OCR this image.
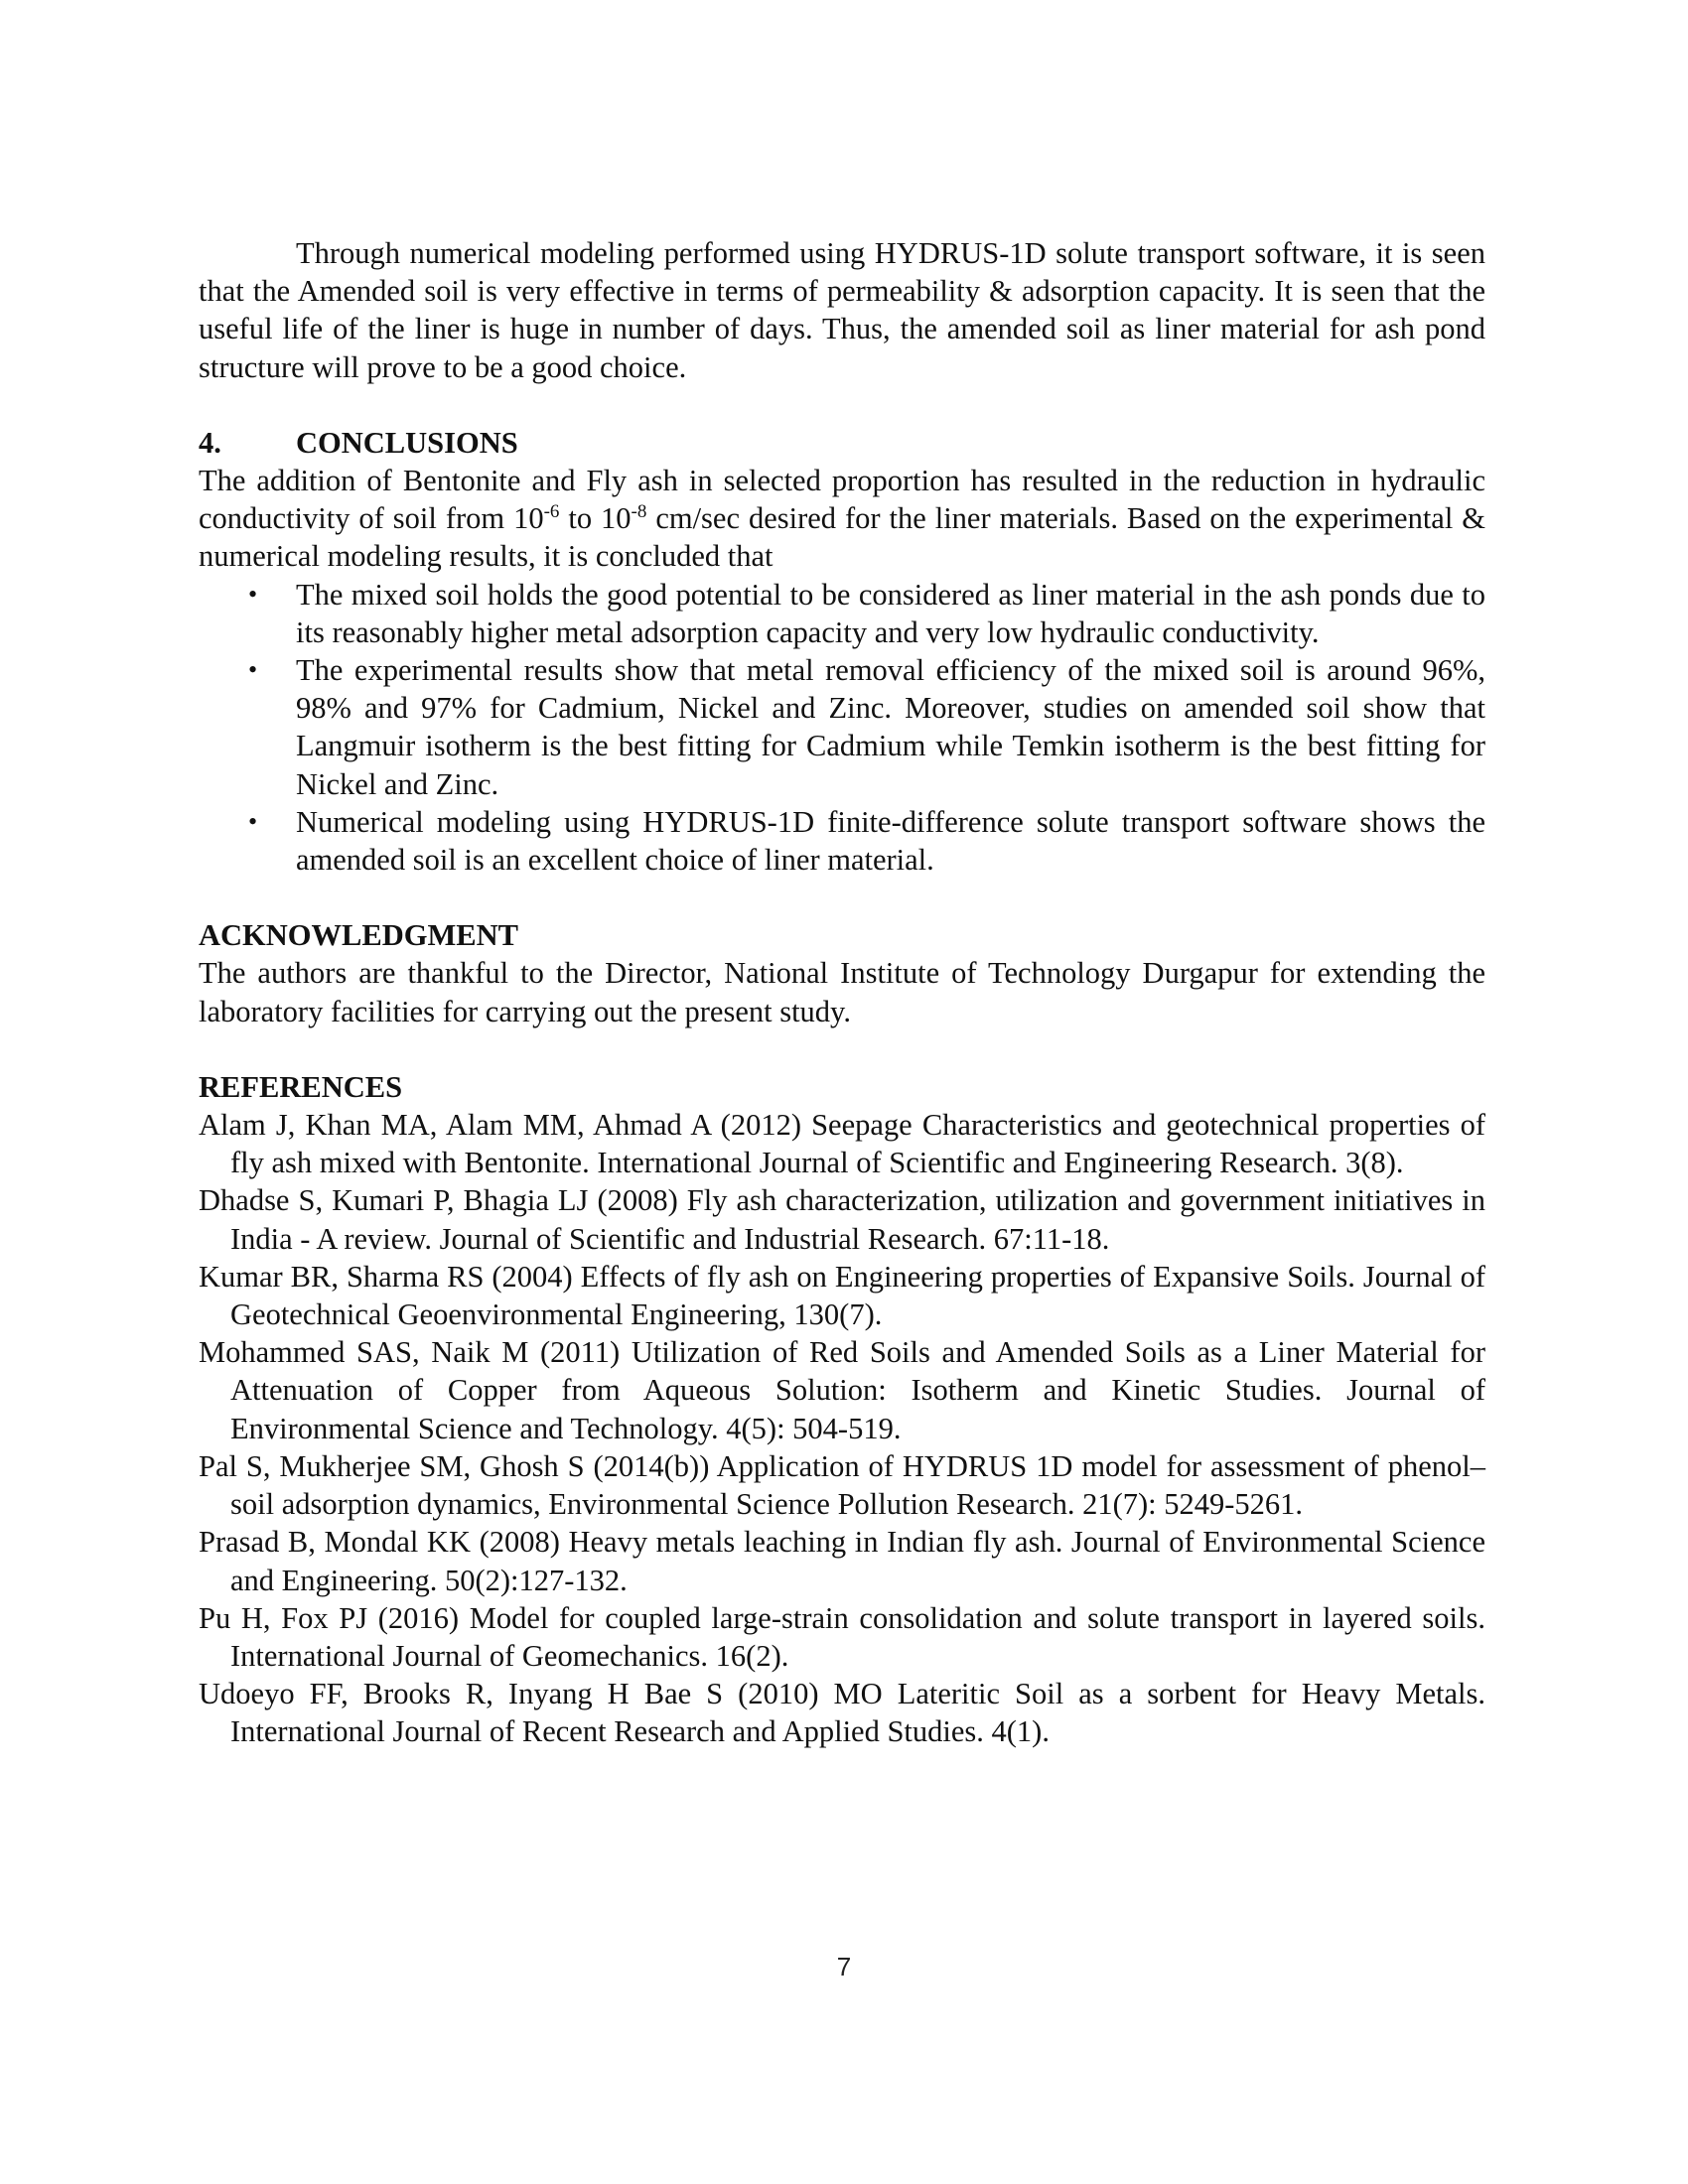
Through numerical modeling performed using HYDRUS-1D solute transport software, it is seen that the Amended soil is very effective in terms of permeability & adsorption capacity. It is seen that the useful life of the liner is huge in number of days. Thus, the amended soil as liner material for ash pond structure will prove to be a good choice.

4. CONCLUSIONS

The addition of Bentonite and Fly ash in selected proportion has resulted in the reduction in hydraulic conductivity of soil from $10^{-6}$ to $10^{-8}$ cm/sec desired for the liner materials. Based on the experimental & numerical modeling results, it is concluded that

• The mixed soil holds the good potential to be considered as liner material in the ash ponds due to its reasonably higher metal adsorption capacity and very low hydraulic conductivity.
• The experimental results show that metal removal efficiency of the mixed soil is around 96%, 98% and 97% for Cadmium, Nickel and Zinc. Moreover, studies on amended soil show that Langmuir isotherm is the best fitting for Cadmium while Temkin isotherm is the best fitting for Nickel and Zinc.
• Numerical modeling using HYDRUS-1D finite-difference solute transport software shows the amended soil is an excellent choice of liner material.

ACKNOWLEDGMENT

The authors are thankful to the Director, National Institute of Technology Durgapur for extending the laboratory facilities for carrying out the present study.

REFERENCES

Alam J, Khan MA, Alam MM, Ahmad A (2012) Seepage Characteristics and geotechnical properties of fly ash mixed with Bentonite. International Journal of Scientific and Engineering Research. 3(8).

Dhadse S, Kumari P, Bhagia LJ (2008) Fly ash characterization, utilization and government initiatives in India - A review. Journal of Scientific and Industrial Research. 67:11-18.

Kumar BR, Sharma RS (2004) Effects of fly ash on Engineering properties of Expansive Soils. Journal of Geotechnical Geoenvironmental Engineering, 130(7).

Mohammed SAS, Naik M (2011) Utilization of Red Soils and Amended Soils as a Liner Material for Attenuation of Copper from Aqueous Solution: Isotherm and Kinetic Studies. Journal of Environmental Science and Technology. 4(5): 504-519.

Pal S, Mukherjee SM, Ghosh S (2014(b)) Application of HYDRUS 1D model for assessment of phenol–soil adsorption dynamics, Environmental Science Pollution Research. 21(7): 5249-5261.

Prasad B, Mondal KK (2008) Heavy metals leaching in Indian fly ash. Journal of Environmental Science and Engineering. 50(2):127-132.

Pu H, Fox PJ (2016) Model for coupled large-strain consolidation and solute transport in layered soils. International Journal of Geomechanics. 16(2).

Udoeyo FF, Brooks R, Inyang H Bae S (2010) MO Lateritic Soil as a sorbent for Heavy Metals. International Journal of Recent Research and Applied Studies. 4(1).

7
